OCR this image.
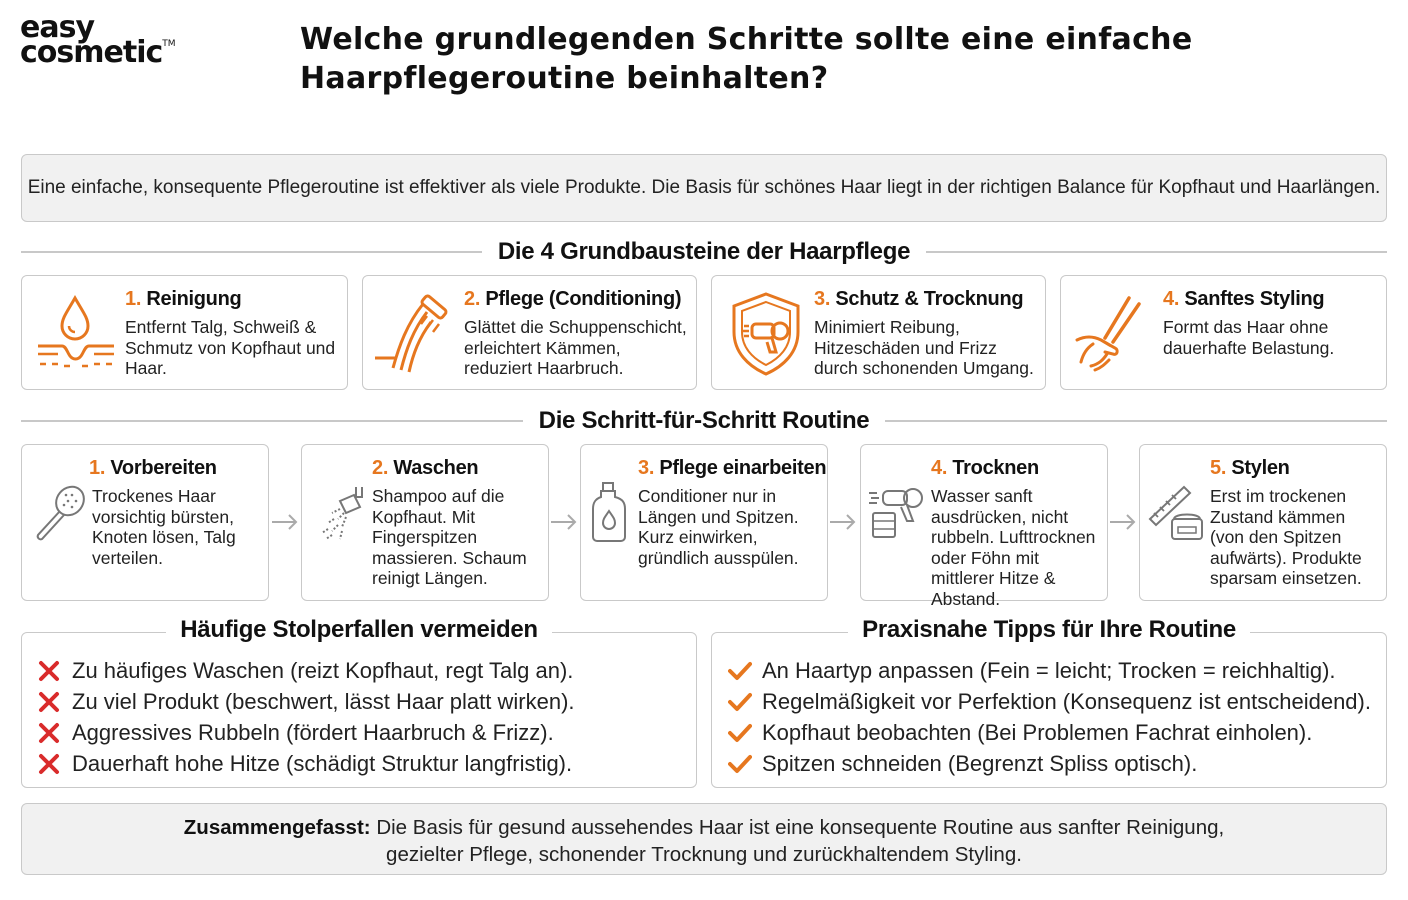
easy
cosmetic™	Welche grundlegenden Schritte sollte eine einfache Haarpflegeroutine beinhalten?
Eine einfache, konsequente Pflegeroutine ist effektiver als viele Produkte. Die Basis für schönes Haar liegt in der richtigen Balance für Kopfhaut und Haarlängen.
Die 4 Grundbausteine der Haarpflege
1. Reinigung
Entfernt Talg, Schweiß & Schmutz von Kopfhaut und Haar.
2. Pflege (Conditioning)
Glättet die Schuppenschicht, erleichtert Kämmen, reduziert Haarbruch.
3. Schutz & Trocknung
Minimiert Reibung, Hitzeschäden und Frizz durch schonenden Umgang.
4. Sanftes Styling
Formt das Haar ohne dauerhafte Belastung.
Die Schritt-für-Schritt Routine
1. Vorbereiten
Trockenes Haar vorsichtig bürsten, Knoten lösen, Talg verteilen.
2. Waschen
Shampoo auf die Kopfhaut. Mit Fingerspitzen massieren. Schaum reinigt Längen.
3. Pflege einarbeiten
Conditioner nur in Längen und Spitzen. Kurz einwirken, gründlich ausspülen.
4. Trocknen
Wasser sanft ausdrücken, nicht rubbeln. Lufttrocknen oder Föhn mit mittlerer Hitze & Abstand.
5. Stylen
Erst im trockenen Zustand kämmen (von den Spitzen aufwärts). Produkte sparsam einsetzen.
Häufige Stolperfallen vermeiden
Zu häufiges Waschen (reizt Kopfhaut, regt Talg an).
Zu viel Produkt (beschwert, lässt Haar platt wirken).
Aggressives Rubbeln (fördert Haarbruch & Frizz).
Dauerhaft hohe Hitze (schädigt Struktur langfristig).
Praxisnahe Tipps für Ihre Routine
An Haartyp anpassen (Fein = leicht; Trocken = reichhaltig).
Regelmäßigkeit vor Perfektion (Konsequenz ist entscheidend).
Kopfhaut beobachten (Bei Problemen Fachrat einholen).
Spitzen schneiden (Begrenzt Spliss optisch).
Zusammengefasst: Die Basis für gesund aussehendes Haar ist eine konsequente Routine aus sanfter Reinigung,
gezielter Pflege, schonender Trocknung und zurückhaltendem Styling.
